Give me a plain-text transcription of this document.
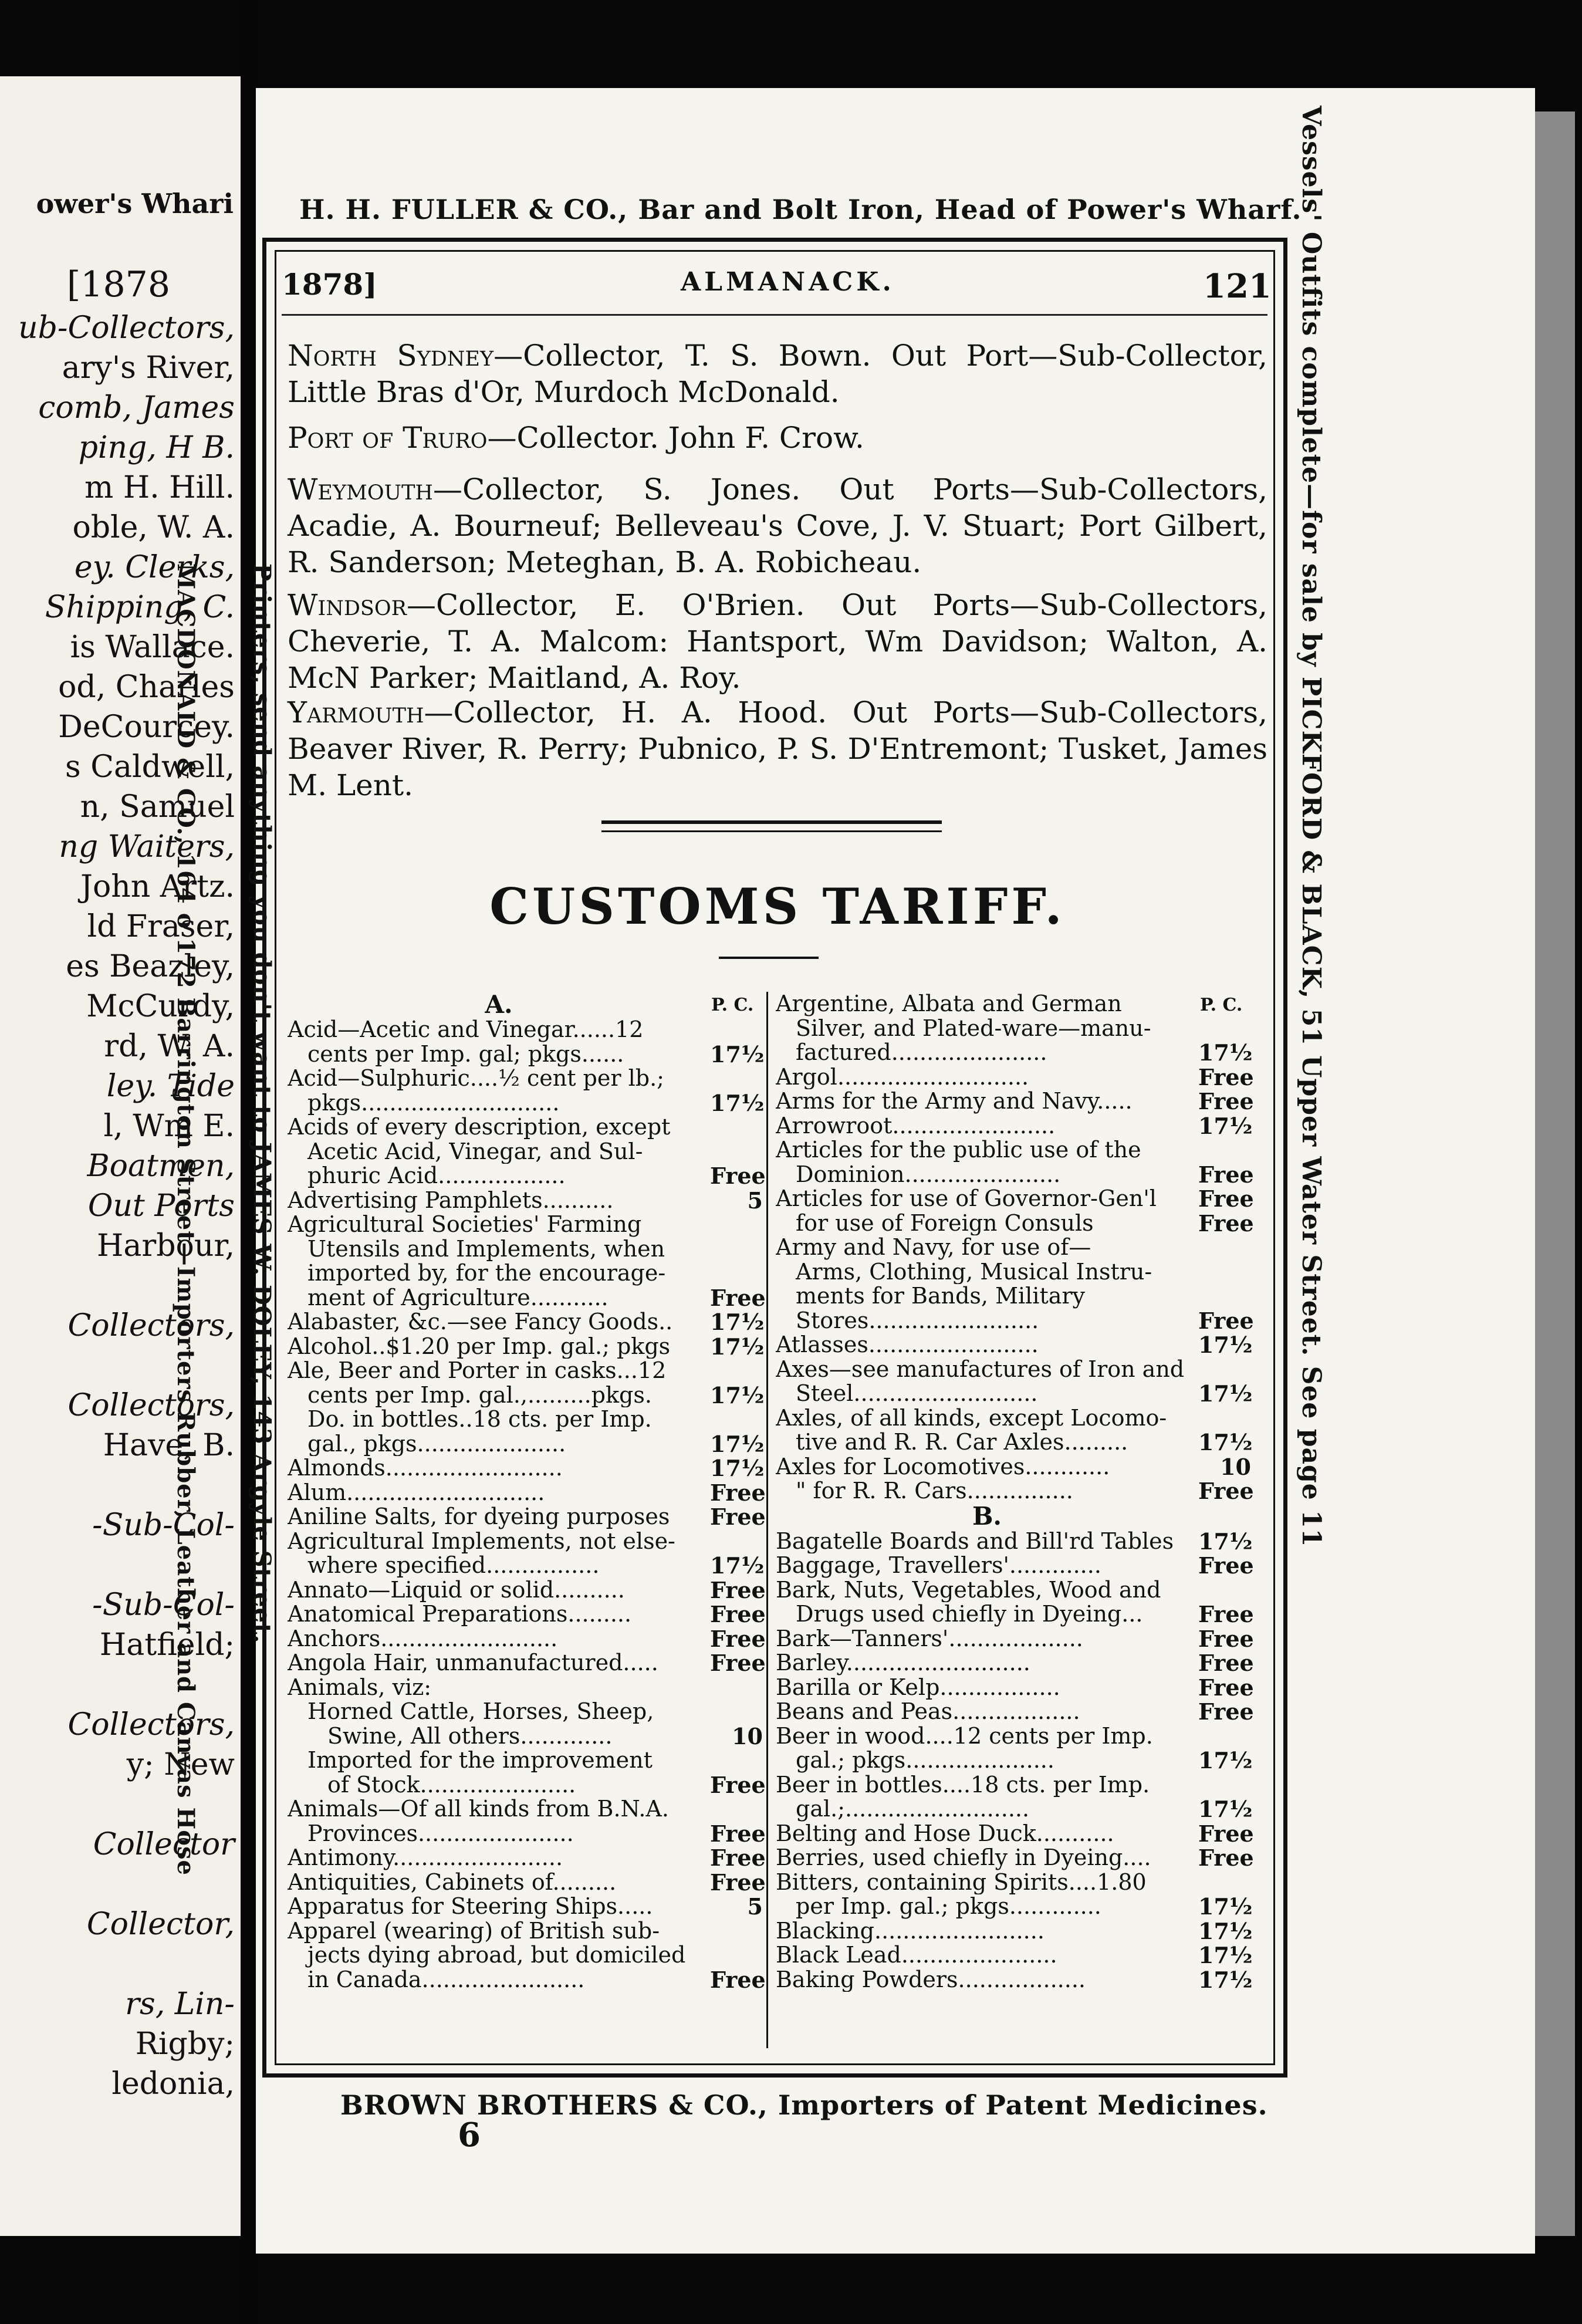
ower's Whari
[1878
ub-Collectors,
ary's River,
comb, James
ping, H B.
m H. Hill.
oble, W. A.
ey. Clerks,
Shipping, C.
is Wallace.
od, Charles
DeCourcey.
s Caldwell,
n, Samuel
ng Waiters,
John Artz.
ld Fraser,
es Beazley,
McCurdy,
rd, W. A.
ley. Tide
l, Wm E.
Boatmen,
Out Ports
Harbour,
Collectors,
Collectors,
Have, B.
-Sub-Col-
-Sub-Col-
Hatfield;
Collectors,
y; New
Collector
Collector,
rs, Lin-
Rigby;
ledonia,
MACDONALD & CO., 164 o 172 Barrington Street—Importers Rubber, Leather and Canvas Hose Printers, send anything you don't want to JAMES W. DOLEY, 143 Argyle Street.	Vessels' Outfits complete—for sale by PICKFORD & BLACK, 51 Upper Water Street. See page 11
H. H. FULLER & CO., Bar and Bolt Iron, Head of Power's Wharf.
1878]	ALMANACK.	121
North Sydney—Collector, T. S. Bown. Out Port—Sub-Collector, Little Bras d'Or, Murdoch McDonald.
Port of Truro—Collector. John F. Crow.
Weymouth—Collector, S. Jones. Out Ports—Sub-Collectors, Acadie, A. Bourneuf; Belleveau's Cove, J. V. Stuart; Port Gilbert, R. Sanderson; Meteghan, B. A. Robicheau.
Windsor—Collector, E. O'Brien. Out Ports—Sub-Collectors, Cheverie, T. A. Malcom: Hantsport, Wm Davidson; Walton, A. McN Parker; Maitland, A. Roy.
Yarmouth—Collector, H. A. Hood. Out Ports—Sub-Collectors, Beaver River, R. Perry; Pubnico, P. S. D'Entremont; Tusket, James M. Lent.
CUSTOMS TARIFF.
P. C.	P. C.
A.
Acid—Acetic and Vinegar......12
cents per Imp. gal; pkgs......	17½
Acid—Sulphuric....½ cent per lb.;
pkgs............................	17½
Acids of every description, except
Acetic Acid, Vinegar, and Sul-
phuric Acid..................	Free
Advertising Pamphlets..........	5
Agricultural Societies' Farming
Utensils and Implements, when
imported by, for the encourage-
ment of Agriculture...........	Free
Alabaster, &c.—see Fancy Goods..	17½
Alcohol..$1.20 per Imp. gal.; pkgs	17½
Ale, Beer and Porter in casks...12
cents per Imp. gal.,.........pkgs.	17½
Do. in bottles..18 cts. per Imp.
gal., pkgs.....................	17½
Almonds.........................	17½
Alum............................	Free
Aniline Salts, for dyeing purposes	Free
Agricultural Implements, not else-
where specified................	17½
Annato—Liquid or solid..........	Free
Anatomical Preparations.........	Free
Anchors.........................	Free
Angola Hair, unmanufactured.....	Free
Animals, viz:
Horned Cattle, Horses, Sheep,
Swine, All others.............	10
Imported for the improvement
of Stock......................	Free
Animals—Of all kinds from B.N.A.
Provinces......................	Free
Antimony........................	Free
Antiquities, Cabinets of.........	Free
Apparatus for Steering Ships.....	5
Apparel (wearing) of British sub-
jects dying abroad, but domiciled
in Canada.......................	Free
Argentine, Albata and German
Silver, and Plated-ware—manu-
factured......................	17½
Argol...........................	Free
Arms for the Army and Navy.....	Free
Arrowroot.......................	17½
Articles for the public use of the
Dominion......................	Free
Articles for use of Governor-Gen'l	Free
for use of Foreign Consuls	Free
Army and Navy, for use of—
Arms, Clothing, Musical Instru-
ments for Bands, Military
Stores........................	Free
Atlasses........................	17½
Axes—see manufactures of Iron and
Steel..........................	17½
Axles, of all kinds, except Locomo-
tive and R. R. Car Axles.........	17½
Axles for Locomotives............	10
" for R. R. Cars...............	Free
B.
Bagatelle Boards and Bill'rd Tables	17½
Baggage, Travellers'.............	Free
Bark, Nuts, Vegetables, Wood and
Drugs used chiefly in Dyeing...	Free
Bark—Tanners'...................	Free
Barley..........................	Free
Barilla or Kelp.................	Free
Beans and Peas..................	Free
Beer in wood....12 cents per Imp.
gal.; pkgs.....................	17½
Beer in bottles....18 cts. per Imp.
gal.;..........................	17½
Belting and Hose Duck...........	Free
Berries, used chiefly in Dyeing....	Free
Bitters, containing Spirits....1.80
per Imp. gal.; pkgs.............	17½
Blacking........................	17½
Black Lead......................	17½
Baking Powders..................	17½
BROWN BROTHERS & CO., Importers of Patent Medicines.
6
